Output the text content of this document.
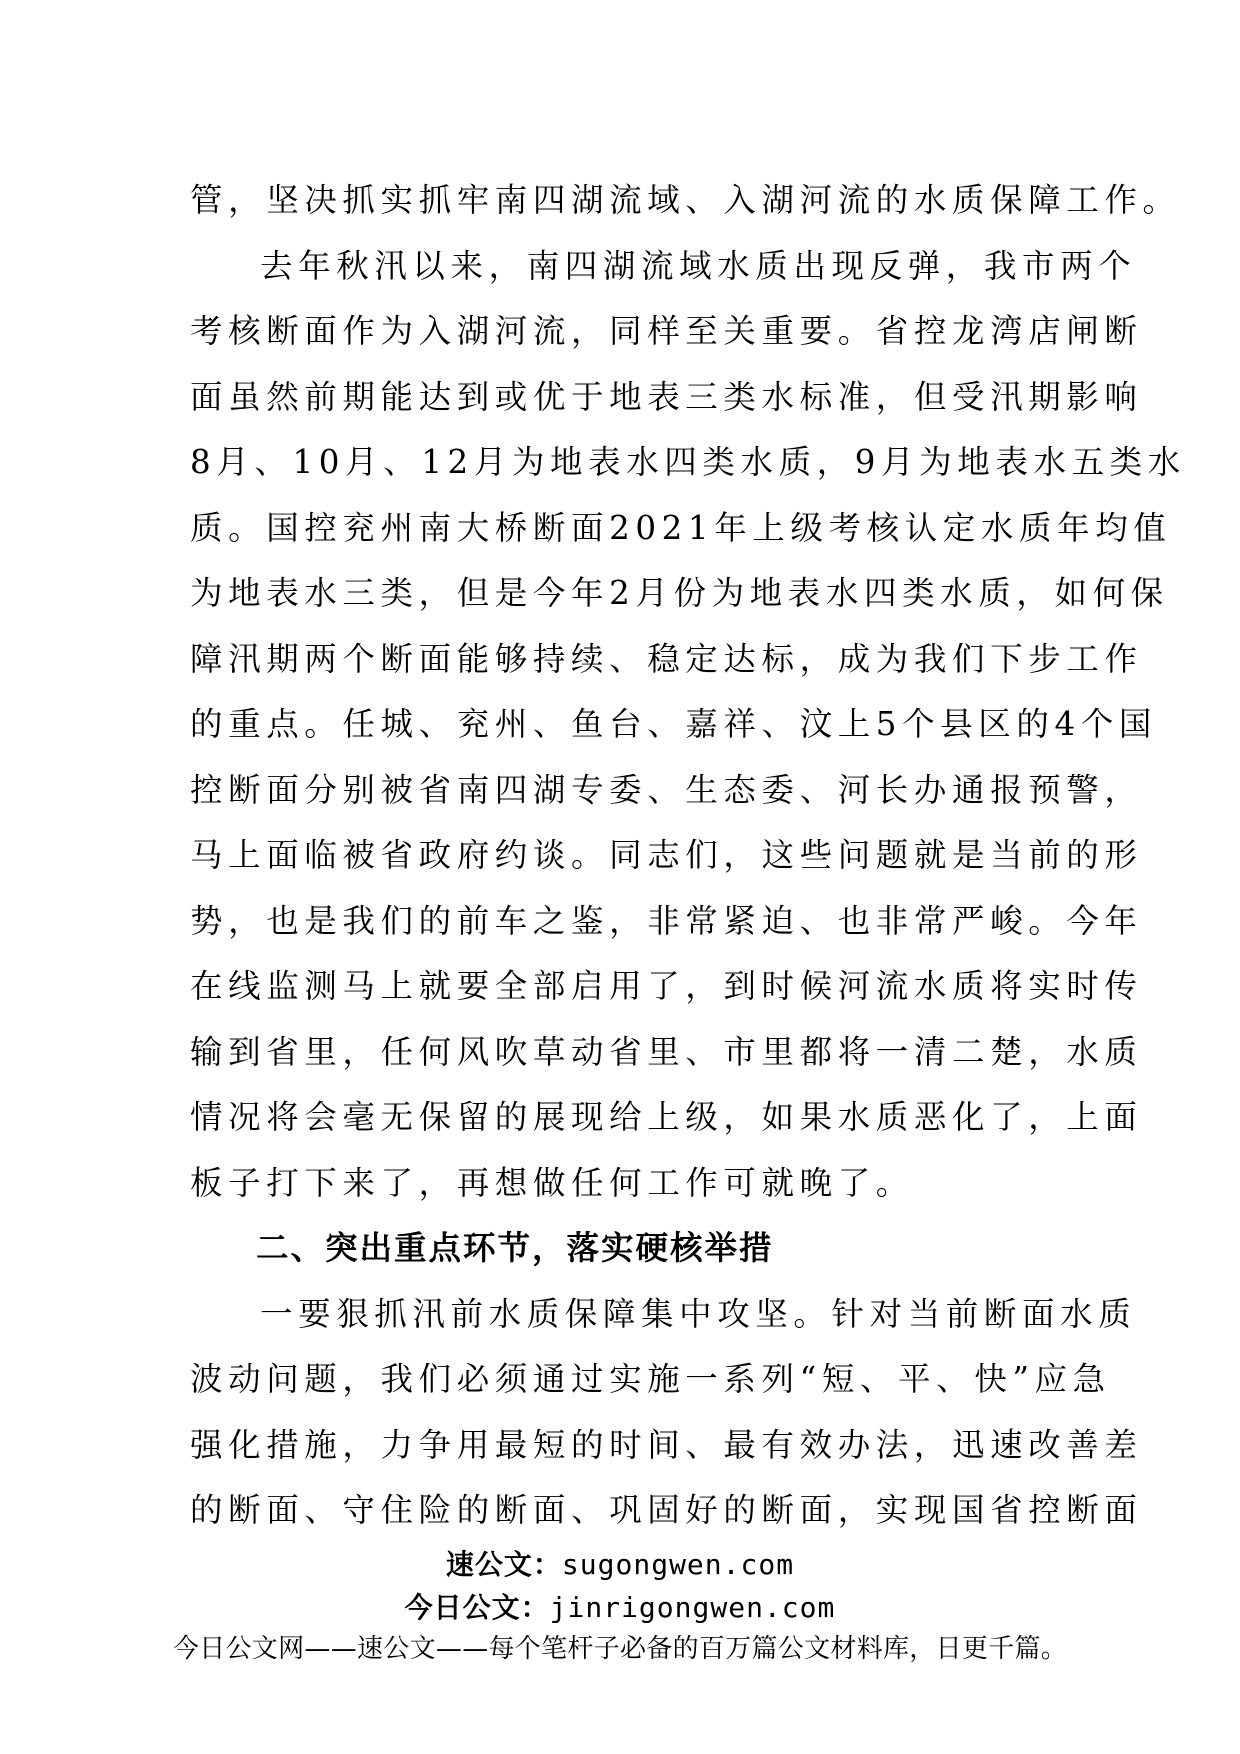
管，坚决抓实抓牢南四湖流域、入湖河流的水质保障工作。
去年秋汛以来，南四湖流域水质出现反弹，我市两个
考核断面作为入湖河流，同样至关重要。省控龙湾店闸断
面虽然前期能达到或优于地表三类水标准，但受汛期影响
8月、10月、12月为地表水四类水质，9月为地表水五类水
质。国控兖州南大桥断面2021年上级考核认定水质年均值
为地表水三类，但是今年2月份为地表水四类水质，如何保
障汛期两个断面能够持续、稳定达标，成为我们下步工作
的重点。任城、兖州、鱼台、嘉祥、汶上5个县区的4个国
控断面分别被省南四湖专委、生态委、河长办通报预警，
马上面临被省政府约谈。同志们，这些问题就是当前的形
势，也是我们的前车之鉴，非常紧迫、也非常严峻。今年
在线监测马上就要全部启用了，到时候河流水质将实时传
输到省里，任何风吹草动省里、市里都将一清二楚，水质
情况将会毫无保留的展现给上级，如果水质恶化了，上面
板子打下来了，再想做任何工作可就晚了。
二、突出重点环节，落实硬核举措
一要狠抓汛前水质保障集中攻坚。针对当前断面水质
波动问题，我们必须通过实施一系列“短、平、快”应急
强化措施，力争用最短的时间、最有效办法，迅速改善差
的断面、守住险的断面、巩固好的断面，实现国省控断面
速公文：sugongwen.com
今日公文：jinrigongwen.com
今日公文网——速公文——每个笔杆子必备的百万篇公文材料库，日更千篇。
